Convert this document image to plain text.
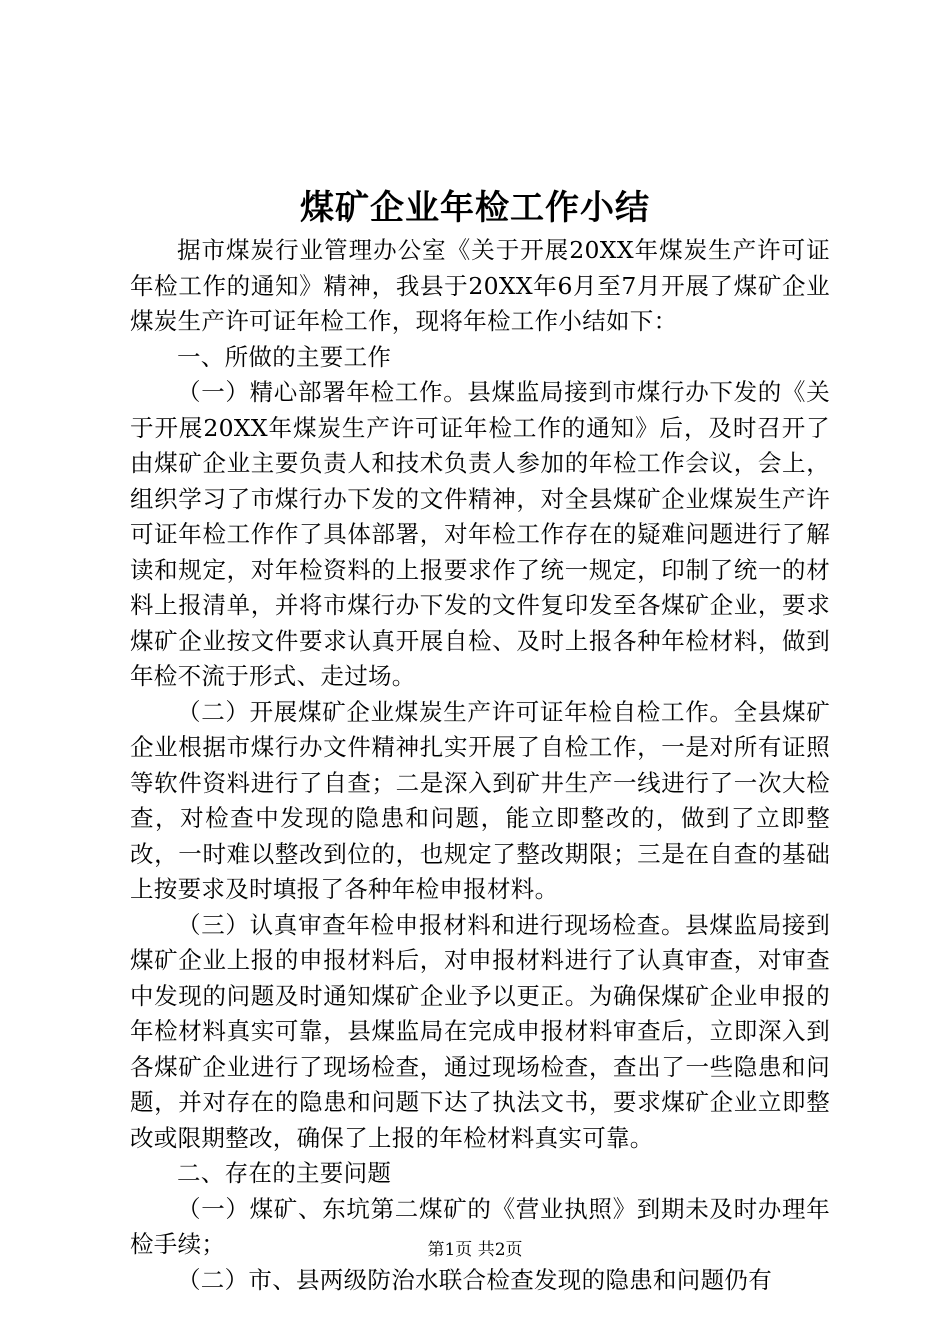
煤矿企业年检工作小结

据市煤炭行业管理办公室《关于开展20XX年煤炭生产许可证年检工作的通知》精神，我县于20XX年6月至7月开展了煤矿企业煤炭生产许可证年检工作，现将年检工作小结如下：

一、所做的主要工作

（一）精心部署年检工作。县煤监局接到市煤行办下发的《关于开展20XX年煤炭生产许可证年检工作的通知》后，及时召开了由煤矿企业主要负责人和技术负责人参加的年检工作会议，会上，组织学习了市煤行办下发的文件精神，对全县煤矿企业煤炭生产许可证年检工作作了具体部署，对年检工作存在的疑难问题进行了解读和规定，对年检资料的上报要求作了统一规定，印制了统一的材料上报清单，并将市煤行办下发的文件复印发至各煤矿企业，要求煤矿企业按文件要求认真开展自检、及时上报各种年检材料，做到年检不流于形式、走过场。

（二）开展煤矿企业煤炭生产许可证年检自检工作。全县煤矿企业根据市煤行办文件精神扎实开展了自检工作，一是对所有证照等软件资料进行了自查；二是深入到矿井生产一线进行了一次大检查，对检查中发现的隐患和问题，能立即整改的，做到了立即整改，一时难以整改到位的，也规定了整改期限；三是在自查的基础上按要求及时填报了各种年检申报材料。

（三）认真审查年检申报材料和进行现场检查。县煤监局接到煤矿企业上报的申报材料后，对申报材料进行了认真审查，对审查中发现的问题及时通知煤矿企业予以更正。为确保煤矿企业申报的年检材料真实可靠，县煤监局在完成申报材料审查后，立即深入到各煤矿企业进行了现场检查，通过现场检查，查出了一些隐患和问题，并对存在的隐患和问题下达了执法文书，要求煤矿企业立即整改或限期整改，确保了上报的年检材料真实可靠。

二、存在的主要问题

（一）煤矿、东坑第二煤矿的《营业执照》到期未及时办理年检手续；

（二）市、县两级防治水联合检查发现的隐患和问题仍有

第1页 共2页
